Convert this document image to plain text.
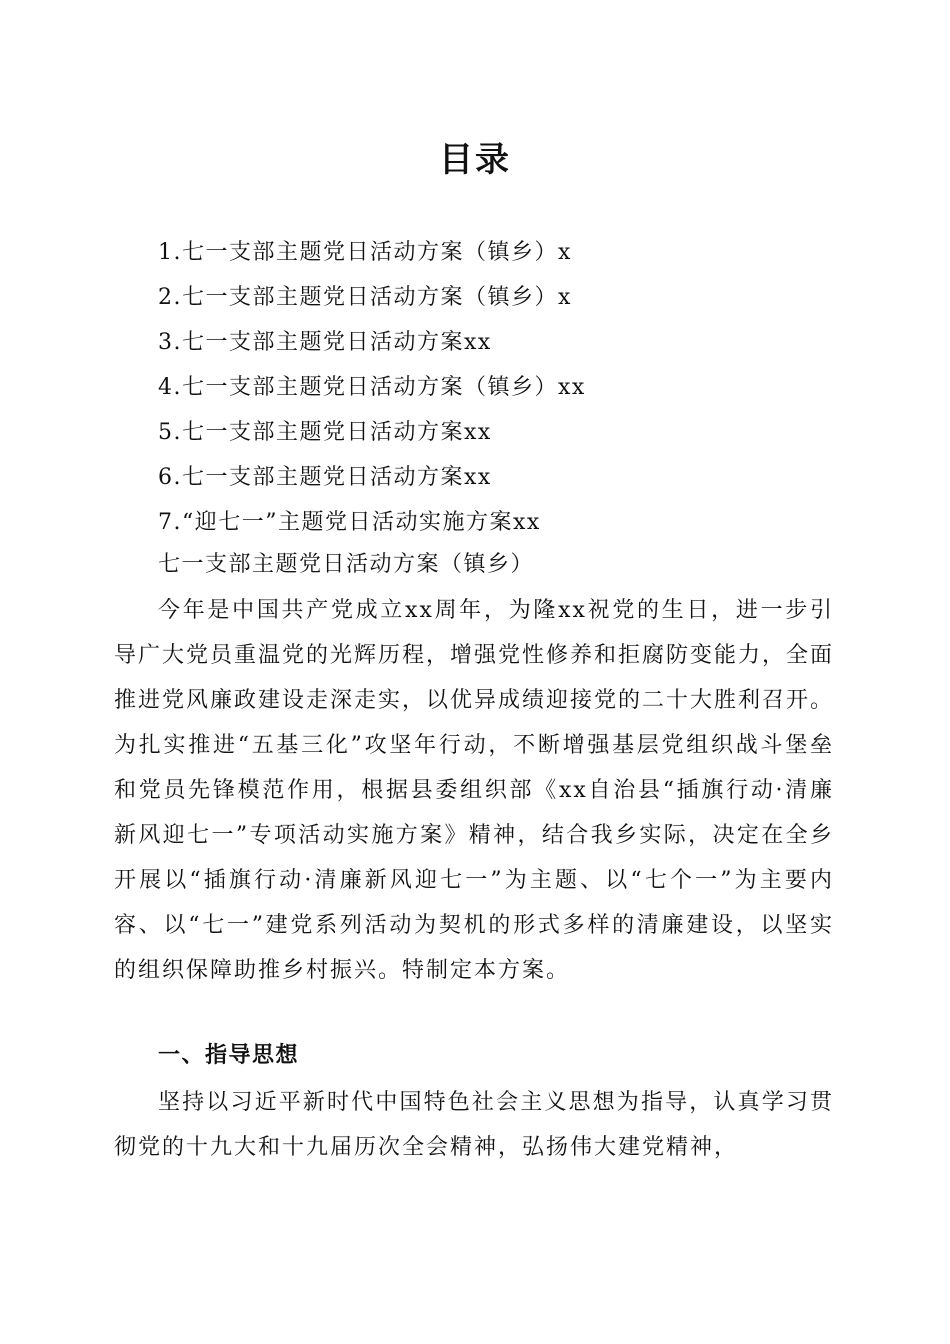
目录
1.七一支部主题党日活动方案（镇乡）x
2.七一支部主题党日活动方案（镇乡）x
3.七一支部主题党日活动方案xx
4.七一支部主题党日活动方案（镇乡）xx
5.七一支部主题党日活动方案xx
6.七一支部主题党日活动方案xx
7.“迎七一”主题党日活动实施方案xx
七一支部主题党日活动方案（镇乡）

今年是中国共产党成立xx周年，为隆xx祝党的生日，进一步引导广大党员重温党的光辉历程，增强党性修养和拒腐防变能力，全面推进党风廉政建设走深走实，以优异成绩迎接党的二十大胜利召开。为扎实推进“五基三化”攻坚年行动，不断增强基层党组织战斗堡垒和党员先锋模范作用，根据县委组织部《xx自治县“插旗行动·清廉新风迎七一”专项活动实施方案》精神，结合我乡实际，决定在全乡开展以“插旗行动·清廉新风迎七一”为主题、以“七个一”为主要内容、以“七一”建党系列活动为契机的形式多样的清廉建设，以坚实的组织保障助推乡村振兴。特制定本方案。

一、指导思想

坚持以习近平新时代中国特色社会主义思想为指导，认真学习贯彻党的十九大和十九届历次全会精神，弘扬伟大建党精神，
